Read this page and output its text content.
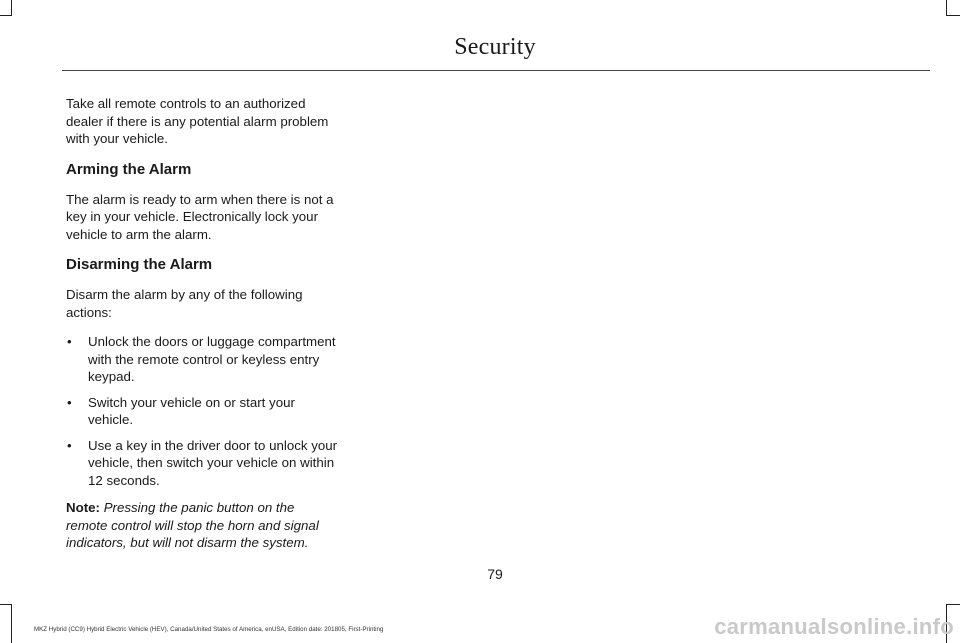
Security

Take all remote controls to an authorized dealer if there is any potential alarm problem with your vehicle.

Arming the Alarm

The alarm is ready to arm when there is not a key in your vehicle. Electronically lock your vehicle to arm the alarm.

Disarming the Alarm

Disarm the alarm by any of the following actions:

• Unlock the doors or luggage compartment with the remote control or keyless entry keypad.
• Switch your vehicle on or start your vehicle.
• Use a key in the driver door to unlock your vehicle, then switch your vehicle on within 12 seconds.

Note: Pressing the panic button on the remote control will stop the horn and signal indicators, but will not disarm the system.

79
MKZ Hybrid (CC9) Hybrid Electric Vehicle (HEV), Canada/United States of America, enUSA, Edition date: 201805, First-Printing	carmanualsonline.info
